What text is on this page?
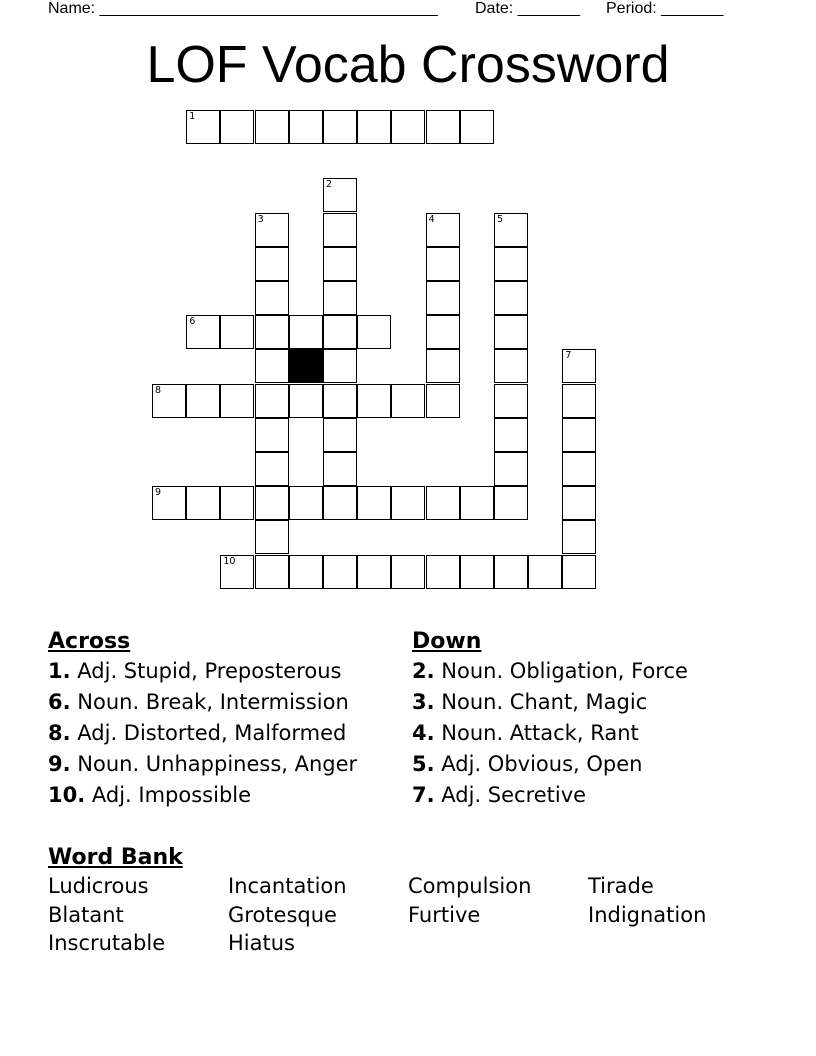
Name: ______________________________________ Date: _______ Period: _______
LOF Vocab Crossword
1
6
8
9
10
2
3	4	5
7
Across
1. Adj. Stupid, Preposterous
6. Noun. Break, Intermission
8. Adj. Distorted, Malformed
9. Noun. Unhappiness, Anger
10. Adj. Impossible
Down
2. Noun. Obligation, Force
3. Noun. Chant, Magic
4. Noun. Attack, Rant
5. Adj. Obvious, Open
7. Adj. Secretive
Word Bank
Ludicrous	Incantation	Compulsion	Tirade
Blatant	Grotesque	Furtive	Indignation
Inscrutable	Hiatus
